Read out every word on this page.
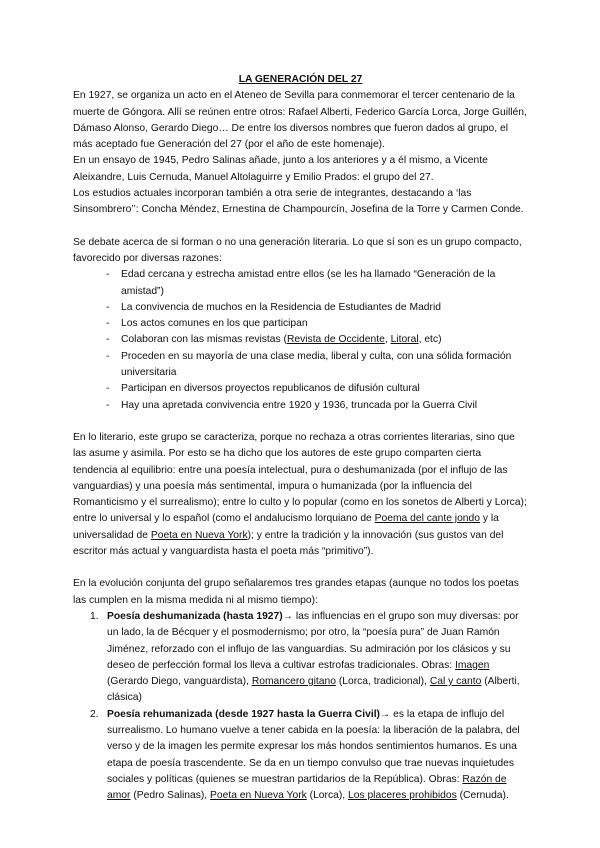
LA GENERACIÓN DEL 27

En 1927, se organiza un acto en el Ateneo de Sevilla para conmemorar el tercer centenario de la muerte de Góngora. Allí se reúnen entre otros: Rafael Alberti, Federico García Lorca, Jorge Guillén, Dámaso Alonso, Gerardo Diego… De entre los diversos nombres que fueron dados al grupo, el más aceptado fue Generación del 27 (por el año de este homenaje).

En un ensayo de 1945, Pedro Salinas añade, junto a los anteriores y a él mismo, a Vicente Aleixandre, Luis Cernuda, Manuel Altolaguirre y Emilio Prados: el grupo del 27.

Los estudios actuales incorporan también a otra serie de integrantes, destacando a ‘las Sinsombrero’’: Concha Méndez, Ernestina de Champourcín, Josefina de la Torre y Carmen Conde.

Se debate acerca de si forman o no una generación literaria. Lo que sí son es un grupo compacto, favorecido por diversas razones:

- Edad cercana y estrecha amistad entre ellos (se les ha llamado “Generación de la amistad”)
- La convivencia de muchos en la Residencia de Estudiantes de Madrid
- Los actos comunes en los que participan
- Colaboran con las mismas revistas (Revista de Occidente, Litoral, etc)
- Proceden en su mayoría de una clase media, liberal y culta, con una sólida formación universitaria
- Participan en diversos proyectos republicanos de difusión cultural
- Hay una apretada convivencia entre 1920 y 1936, truncada por la Guerra Civil

En lo literario, este grupo se caracteriza, porque no rechaza a otras corrientes literarias, sino que las asume y asimila. Por esto se ha dicho que los autores de este grupo comparten cierta tendencia al equilibrio: entre una poesía intelectual, pura o deshumanizada (por el influjo de las vanguardias) y una poesía más sentimental, impura o humanizada (por la influencia del Romanticismo y el surrealismo); entre lo culto y lo popular (como en los sonetos de Alberti y Lorca); entre lo universal y lo español (como el andalucismo lorquiano de Poema del cante jondo y la universalidad de Poeta en Nueva York); y entre la tradición y la innovación (sus gustos van del escritor más actual y vanguardista hasta el poeta más “primitivo”).

En la evolución conjunta del grupo señalaremos tres grandes etapas (aunque no todos los poetas las cumplen en la misma medida ni al mismo tiempo):

Poesía deshumanizada (hasta 1927)→ las influencias en el grupo son muy diversas: por un lado, la de Bécquer y el posmodernismo; por otro, la “poesía pura” de Juan Ramón Jiménez, reforzado con el influjo de las vanguardias. Su admiración por los clásicos y su deseo de perfección formal los lleva a cultivar estrofas tradicionales. Obras: Imagen (Gerardo Diego, vanguardista), Romancero gitano (Lorca, tradicional), Cal y canto (Alberti, clásica)
Poesía rehumanizada (desde 1927 hasta la Guerra Civil)→ es la etapa de influjo del surrealismo. Lo humano vuelve a tener cabida en la poesía: la liberación de la palabra, del verso y de la imagen les permite expresar los más hondos sentimientos humanos. Es una etapa de poesía trascendente. Se da en un tiempo convulso que trae nuevas inquietudes sociales y políticas (quienes se muestran partidarios de la República). Obras: Razón de amor (Pedro Salinas), Poeta en Nueva York (Lorca), Los placeres prohibidos (Cernuda).
